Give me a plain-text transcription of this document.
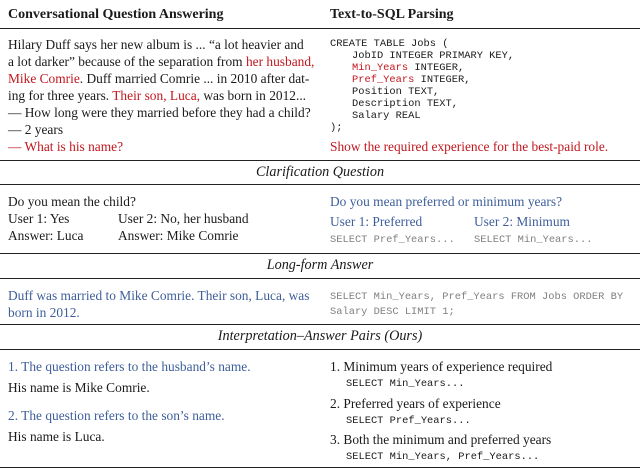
Conversational Question Answering	Text-to-SQL Parsing
Hilary Duff says her new album is ... “a lot heavier and
a lot darker” because of the separation from her husband,
Mike Comrie. Duff married Comrie ... in 2010 after dat-
ing for three years. Their son, Luca, was born in 2012...
— How long were they married before they had a child?
— 2 years
— What is his name?
CREATE TABLE Jobs (
JobID INTEGER PRIMARY KEY,
Min_Years INTEGER,
Pref_Years INTEGER,
Position TEXT,
Description TEXT,
Salary REAL
);
Show the required experience for the best-paid role.
Clarification Question
Do you mean the child?
User 1: Yes	User 2: No, her husband
Answer: Luca	Answer: Mike Comrie
Do you mean preferred or minimum years?
User 1: Preferred	User 2: Minimum
SELECT Pref_Years... SELECT Min_Years...
Long-form Answer
Duff was married to Mike Comrie. Their son, Luca, was
born in 2012.
SELECT Min_Years, Pref_Years FROM Jobs ORDER BY
Salary DESC LIMIT 1;
Interpretation–Answer Pairs (Ours)
1. The question refers to the husband’s name.
His name is Mike Comrie.
2. The question refers to the son’s name.
His name is Luca.
1. Minimum years of experience required
SELECT Min_Years...
2. Preferred years of experience
SELECT Pref_Years...
3. Both the minimum and preferred years
SELECT Min_Years, Pref_Years...
